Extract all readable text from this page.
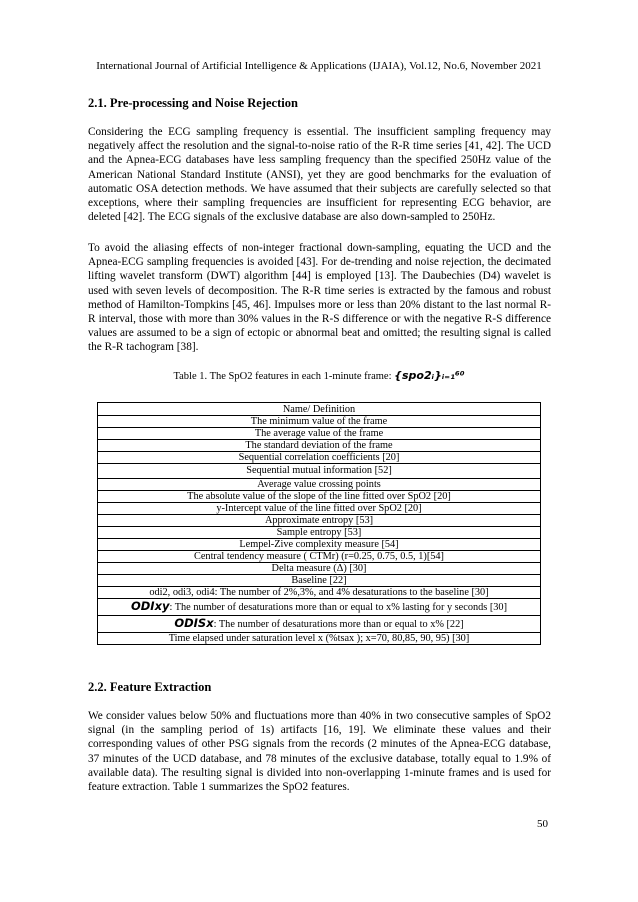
International Journal of Artificial Intelligence & Applications (IJAIA), Vol.12, No.6, November 2021
2.1. Pre-processing and Noise Rejection

Considering the ECG sampling frequency is essential. The insufficient sampling frequency may negatively affect the resolution and the signal-to-noise ratio of the R-R time series [41, 42]. The UCD and the Apnea-ECG databases have less sampling frequency than the specified 250Hz value of the American National Standard Institute (ANSI), yet they are good benchmarks for the evaluation of automatic OSA detection methods. We have assumed that their subjects are carefully selected so that exceptions, where their sampling frequencies are insufficient for representing ECG behavior, are deleted [42]. The ECG signals of the exclusive database are also down-sampled to 250Hz.

To avoid the aliasing effects of non-integer fractional down-sampling, equating the UCD and the Apnea-ECG sampling frequencies is avoided [43]. For de-trending and noise rejection, the decimated lifting wavelet transform (DWT) algorithm [44] is employed [13]. The Daubechies (D4) wavelet is used with seven levels of decomposition. The R-R time series is extracted by the famous and robust method of Hamilton-Tompkins [45, 46]. Impulses more or less than 20% distant to the last normal R-R interval, those with more than 30% values in the R-S difference or with the negative R-S difference values are assumed to be a sign of ectopic or abnormal beat and omitted; the resulting signal is called the R-R tachogram [38].

Table 1. The SpO2 features in each 1-minute frame: {spo2ᵢ}ᵢ₌₁⁶⁰
Name/ Definition
The minimum value of the frame
The average value of the frame
The standard deviation of the frame
Sequential correlation coefficients [20]
Sequential mutual information [52]
Average value crossing points
The absolute value of the slope of the line fitted over SpO2 [20]
y-Intercept value of the line fitted over SpO2 [20]
Approximate entropy [53]
Sample entropy [53]
Lempel-Zive complexity measure [54]
Central tendency measure ( CTMr) (r=0.25, 0.75, 0.5, 1)[54]
Delta measure (Δ) [30]
Baseline [22]
odi2, odi3, odi4: The number of 2%,3%, and 4% desaturations to the baseline [30]
ODIxy: The number of desaturations more than or equal to x% lasting for y seconds [30]
ODISx: The number of desaturations more than or equal to x% [22]
Time elapsed under saturation level x (%tsax ); x=70, 80,85, 90, 95) [30]
2.2. Feature Extraction

We consider values below 50% and fluctuations more than 40% in two consecutive samples of SpO2 signal (in the sampling period of 1s) artifacts [16, 19]. We eliminate these values and their corresponding values of other PSG signals from the records (2 minutes of the Apnea-ECG database, 37 minutes of the UCD database, and 78 minutes of the exclusive database, totally equal to 1.9% of available data). The resulting signal is divided into non-overlapping 1-minute frames and is used for feature extraction. Table 1 summarizes the SpO2 features.

50
